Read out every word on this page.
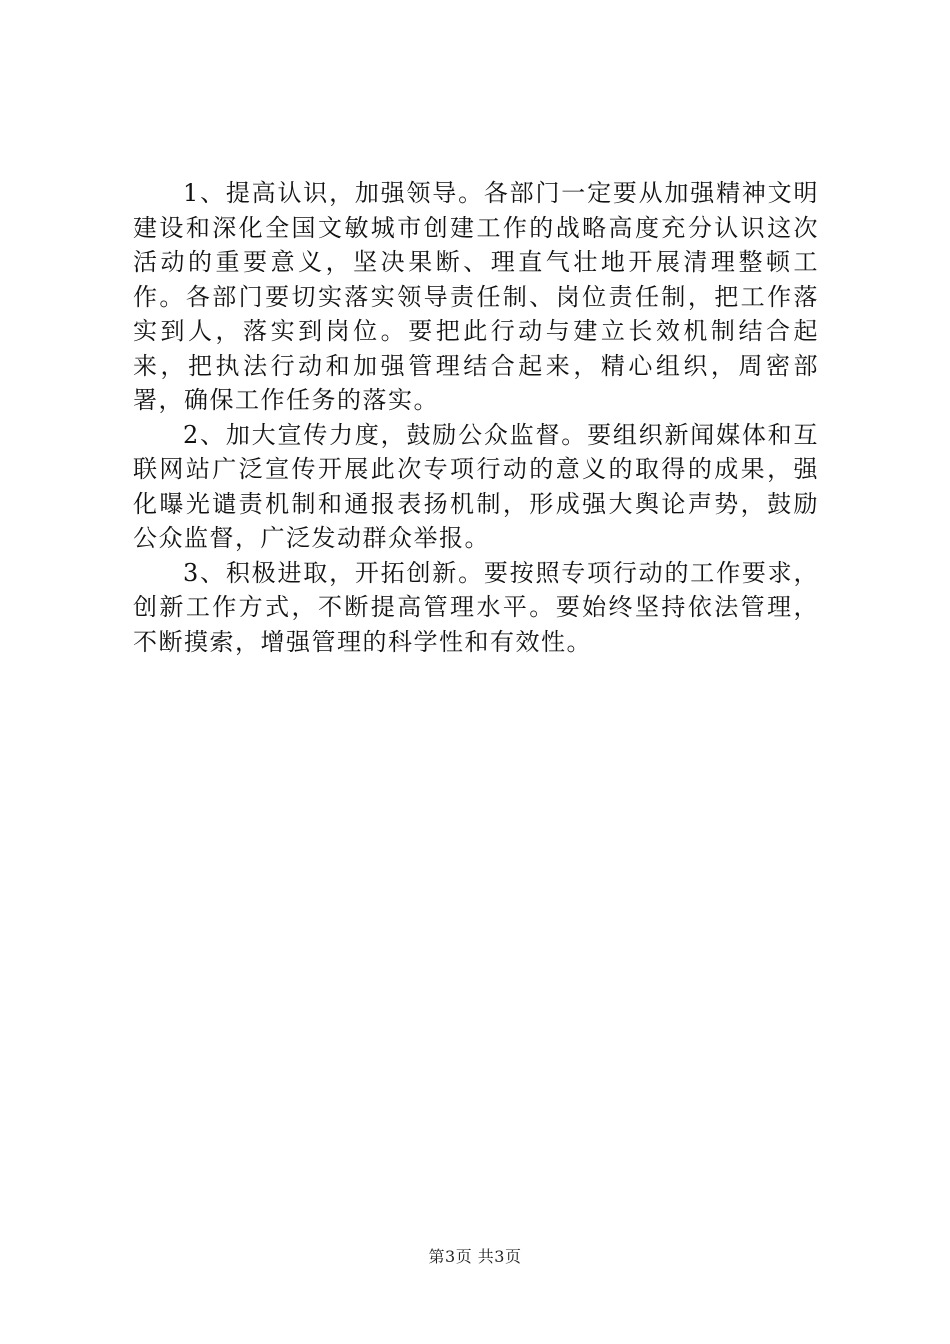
1、提高认识，加强领导。各部门一定要从加强精神文明建设和深化全国文敏城市创建工作的战略高度充分认识这次活动的重要意义，坚决果断、理直气壮地开展清理整顿工作。各部门要切实落实领导责任制、岗位责任制，把工作落实到人，落实到岗位。要把此行动与建立长效机制结合起来，把执法行动和加强管理结合起来，精心组织，周密部署，确保工作任务的落实。

2、加大宣传力度，鼓励公众监督。要组织新闻媒体和互联网站广泛宣传开展此次专项行动的意义的取得的成果，强化曝光谴责机制和通报表扬机制，形成强大舆论声势，鼓励公众监督，广泛发动群众举报。

3、积极进取，开拓创新。要按照专项行动的工作要求，创新工作方式，不断提高管理水平。要始终坚持依法管理，不断摸索，增强管理的科学性和有效性。

第3页 共3页
